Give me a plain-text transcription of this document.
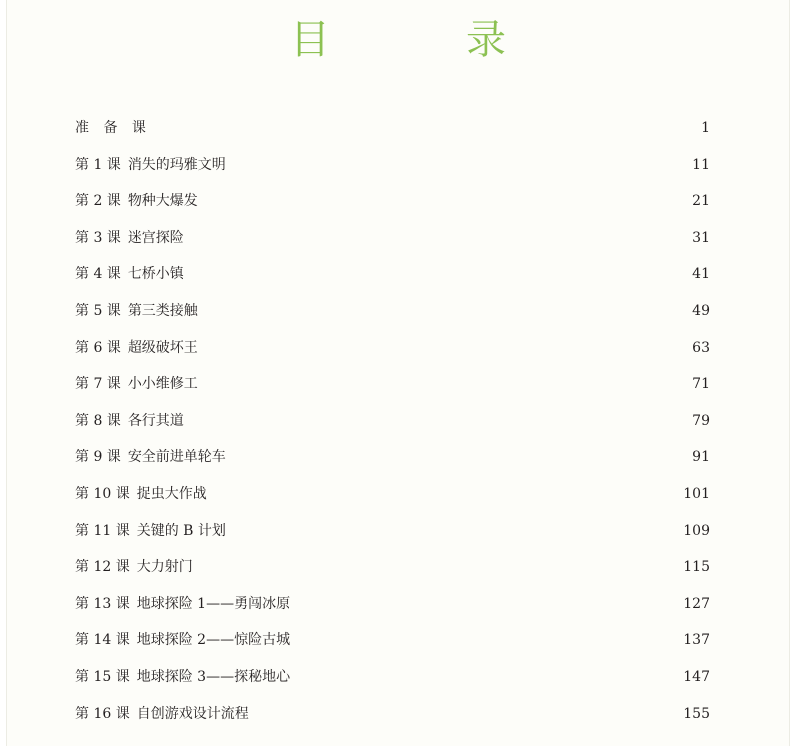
目　录
准 备 课 ·····	1
第 1 课 消失的玛雅文明 ·····	11
第 2 课 物种大爆发 ·····	21
第 3 课 迷宫探险 ·····	31
第 4 课 七桥小镇 ·····	41
第 5 课 第三类接触 ·····	49
第 6 课 超级破坏王 ·····	63
第 7 课 小小维修工 ·····	71
第 8 课 各行其道 ·····	79
第 9 课 安全前进单轮车 ·····	91
第 10 课 捉虫大作战 ·····	101
第 11 课 关键的 B 计划 ·····	109
第 12 课 大力射门 ·····	115
第 13 课 地球探险 1——勇闯冰原 ·····	127
第 14 课 地球探险 2——惊险古城 ·····	137
第 15 课 地球探险 3——探秘地心 ·····	147
第 16 课 自创游戏设计流程 ·····	155
